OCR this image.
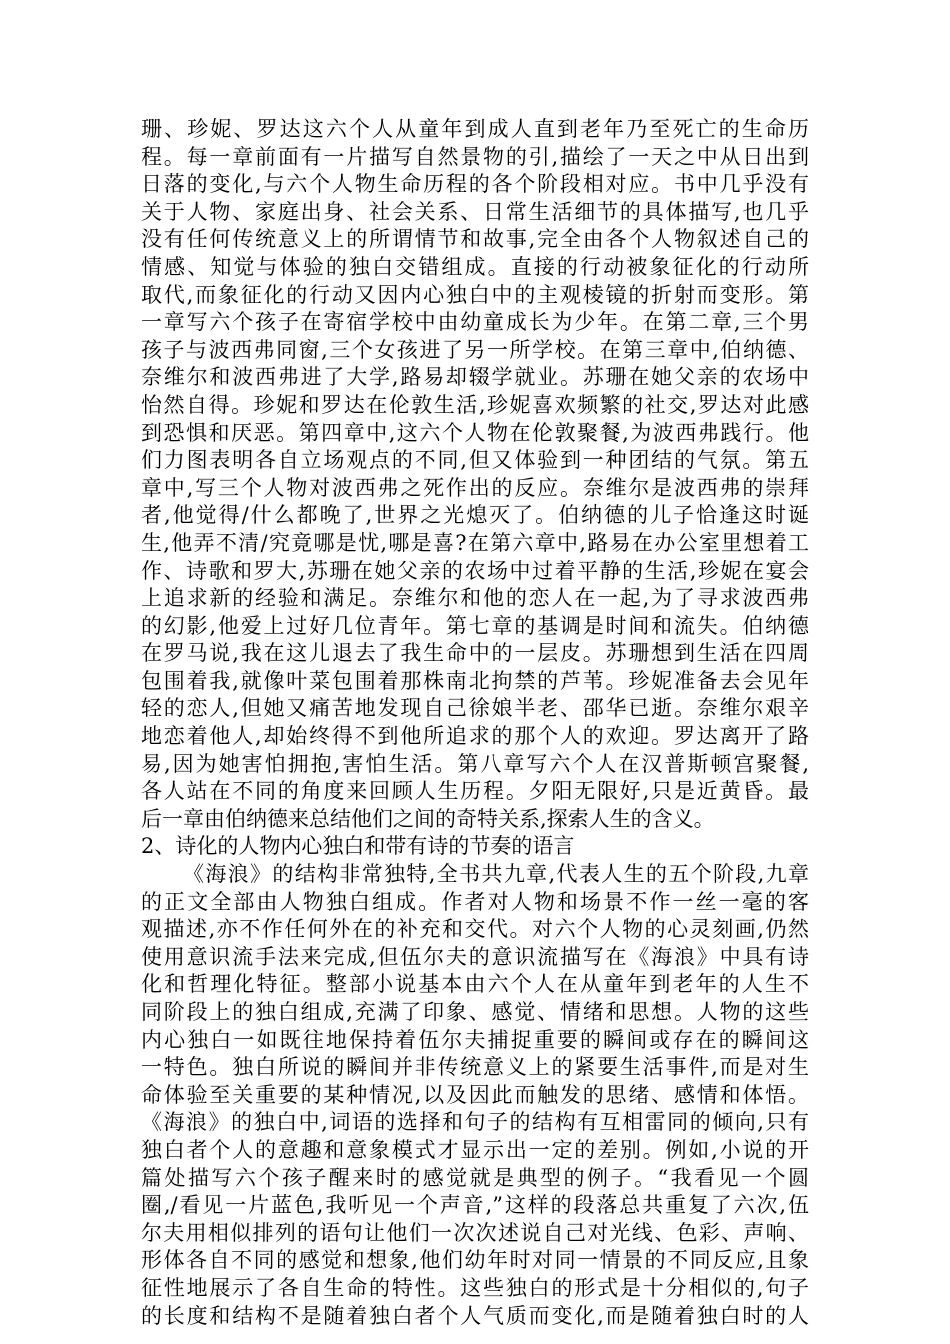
珊、珍妮、罗达这六个人从童年到成人直到老年乃至死亡的生命历
程。每一章前面有一片描写自然景物的引,描绘了一天之中从日出到
日落的变化,与六个人物生命历程的各个阶段相对应。书中几乎没有
关于人物、家庭出身、社会关系、日常生活细节的具体描写,也几乎
没有任何传统意义上的所谓情节和故事,完全由各个人物叙述自己的
情感、知觉与体验的独白交错组成。直接的行动被象征化的行动所
取代,而象征化的行动又因内心独白中的主观棱镜的折射而变形。第
一章写六个孩子在寄宿学校中由幼童成长为少年。在第二章,三个男
孩子与波西弗同窗,三个女孩进了另一所学校。在第三章中,伯纳德、
奈维尔和波西弗进了大学,路易却辍学就业。苏珊在她父亲的农场中
怡然自得。珍妮和罗达在伦敦生活,珍妮喜欢频繁的社交,罗达对此感
到恐惧和厌恶。第四章中,这六个人物在伦敦聚餐,为波西弗践行。他
们力图表明各自立场观点的不同,但又体验到一种团结的气氛。第五
章中,写三个人物对波西弗之死作出的反应。奈维尔是波西弗的崇拜
者,他觉得/什么都晚了,世界之光熄灭了。伯纳德的儿子恰逢这时诞
生,他弄不清/究竟哪是忧,哪是喜?在第六章中,路易在办公室里想着工
作、诗歌和罗大,苏珊在她父亲的农场中过着平静的生活,珍妮在宴会
上追求新的经验和满足。奈维尔和他的恋人在一起,为了寻求波西弗
的幻影,他爱上过好几位青年。第七章的基调是时间和流失。伯纳德
在罗马说,我在这儿退去了我生命中的一层皮。苏珊想到生活在四周
包围着我,就像叶菜包围着那株南北拘禁的芦苇。珍妮准备去会见年
轻的恋人,但她又痛苦地发现自己徐娘半老、邵华已逝。奈维尔艰辛
地恋着他人,却始终得不到他所追求的那个人的欢迎。罗达离开了路
易,因为她害怕拥抱,害怕生活。第八章写六个人在汉普斯顿宫聚餐,
各人站在不同的角度来回顾人生历程。夕阳无限好,只是近黄昏。最
后一章由伯纳德来总结他们之间的奇特关系,探索人生的含义。
2、诗化的人物内心独白和带有诗的节奏的语言
《海浪》的结构非常独特,全书共九章,代表人生的五个阶段,九章
的正文全部由人物独白组成。作者对人物和场景不作一丝一毫的客
观描述,亦不作任何外在的补充和交代。对六个人物的心灵刻画,仍然
使用意识流手法来完成,但伍尔夫的意识流描写在《海浪》中具有诗
化和哲理化特征。整部小说基本由六个人在从童年到老年的人生不
同阶段上的独白组成,充满了印象、感觉、情绪和思想。人物的这些
内心独白一如既往地保持着伍尔夫捕捉重要的瞬间或存在的瞬间这
一特色。独白所说的瞬间并非传统意义上的紧要生活事件,而是对生
命体验至关重要的某种情况,以及因此而触发的思绪、感情和体悟。
《海浪》的独白中,词语的选择和句子的结构有互相雷同的倾向,只有
独白者个人的意趣和意象模式才显示出一定的差别。例如,小说的开
篇处描写六个孩子醒来时的感觉就是典型的例子。“我看见一个圆
圈,/看见一片蓝色,我听见一个声音,”这样的段落总共重复了六次,伍
尔夫用相似排列的语句让他们一次次述说自己对光线、色彩、声响、
形体各自不同的感觉和想象,他们幼年时对同一情景的不同反应,且象
征性地展示了各自生命的特性。这些独白的形式是十分相似的,句子
的长度和结构不是随着独白者个人气质而变化,而是随着独白时的人
